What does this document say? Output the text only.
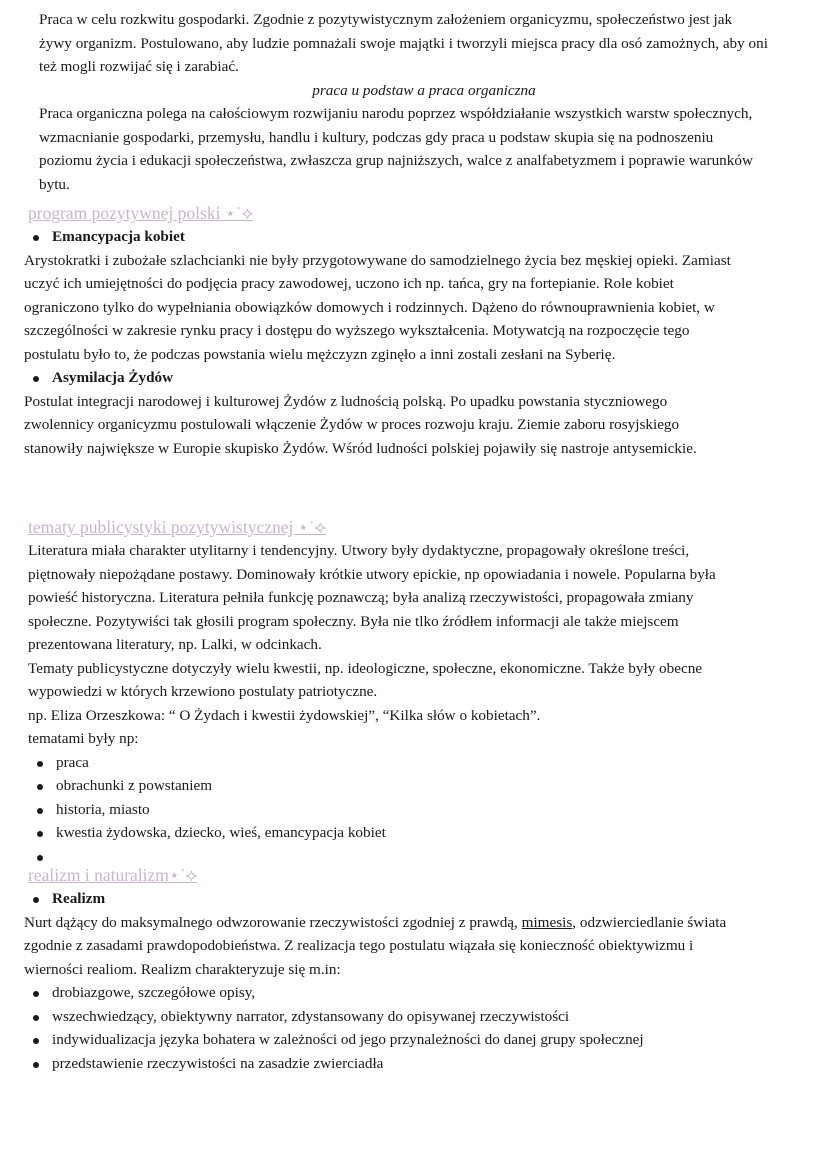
Praca w celu rozkwitu gospodarki. Zgodnie z pozytywistycznym założeniem organicyzmu, społeczeństwo jest jak żywy organizm. Postulowano, aby ludzie pomnażali swoje majątki i tworzyli miejsca pracy dla osó zamożnych, aby oni też mogli rozwijać się i zarabiać.

praca u podstaw a praca organiczna

Praca organiczna polega na całościowym rozwijaniu narodu poprzez współdziałanie wszystkich warstw społecznych, wzmacnianie gospodarki, przemysłu, handlu i kultury, podczas gdy praca u podstaw skupia się na podnoszeniu poziomu życia i edukacji społeczeństwa, zwłaszcza grup najniższych, walce z analfabetyzmem i poprawie warunków bytu.

program pozytywnej polski ⋆˙⟡

Emancypacja kobiet

Arystokratki i zubożałe szlachcianki nie były przygotowywane do samodzielnego życia bez męskiej opieki. Zamiast uczyć ich umiejętności do podjęcia pracy zawodowej, uczono ich np. tańca, gry na fortepianie. Role kobiet ograniczono tylko do wypełniania obowiązków domowych i rodzinnych. Dążeno do równouprawnienia kobiet, w szczególności w zakresie rynku pracy i dostępu do wyższego wykształcenia. Motywatcją na rozpoczęcie tego postulatu było to, że podczas powstania wielu mężczyzn zginęło a inni zostali zesłani na Syberię.

Asymilacja Żydów

Postulat integracji narodowej i kulturowej Żydów z ludnością polską. Po upadku powstania styczniowego zwolennicy organicyzmu postulowali włączenie Żydów w proces rozwoju kraju. Ziemie zaboru rosyjskiego stanowiły największe w Europie skupisko Żydów. Wśród ludności polskiej pojawiły się nastroje antysemickie.

tematy publicystyki pozytywistycznej ⋆˙⟡

Literatura miała charakter utylitarny i tendencyjny. Utwory były dydaktyczne, propagowały określone treści, piętnowały niepożądane postawy. Dominowały krótkie utwory epickie, np opowiadania i nowele. Popularna była powieść historyczna. Literatura pełniła funkcję poznawczą; była analizą rzeczywistości, propagowała zmiany społeczne. Pozytywiści tak głosili program społeczny. Była nie tlko źródłem informacji ale także miejscem prezentowana literatury, np. Lalki, w odcinkach.

Tematy publicystyczne dotyczyły wielu kwestii, np. ideologiczne, społeczne, ekonomiczne. Także były obecne wypowiedzi w których krzewiono postulaty patriotyczne.

np. Eliza Orzeszkowa: “ O Żydach i kwestii żydowskiej”, “Kilka słów o kobietach”.

tematami były np:

praca
obrachunki z powstaniem
historia, miasto
kwestia żydowska, dziecko, wieś, emancypacja kobiet

realizm i naturalizm⋆˙⟡

Realizm

Nurt dążący do maksymalnego odwzorowanie rzeczywistości zgodniej z prawdą, mimesis, odzwierciedlanie świata zgodnie z zasadami prawdopodobieństwa. Z realizacja tego postulatu wiązała się konieczność obiektywizmu i wierności realiom. Realizm charakteryzuje się m.in:

drobiazgowe, szczegółowe opisy,
wszechwiedzący, obiektywny narrator, zdystansowany do opisywanej rzeczywistości
indywidualizacja języka bohatera w zależności od jego przynależności do danej grupy społecznej
przedstawienie rzeczywistości na zasadzie zwierciadła
